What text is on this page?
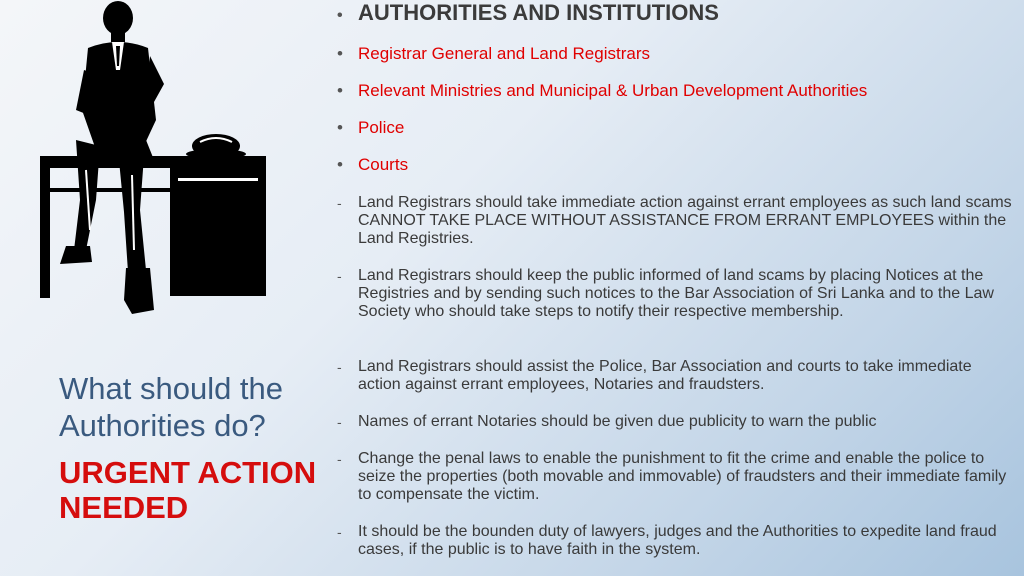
What should the Authorities do?
URGENT ACTION NEEDED
• AUTHORITIES AND INSTITUTIONS
• Registrar General and Land Registrars
• Relevant Ministries and Municipal & Urban Development Authorities
• Police
• Courts
- Land Registrars should take immediate action against errant employees as such land scams CANNOT TAKE PLACE WITHOUT ASSISTANCE FROM ERRANT EMPLOYEES within the Land Registries.
- Land Registrars should keep the public informed of land scams by placing Notices at the Registries and by sending such notices to the Bar Association of Sri Lanka and to the Law Society who should take steps to notify their respective membership.
- Land Registrars should assist the Police, Bar Association and courts to take immediate action against errant employees, Notaries and fraudsters.
- Names of errant Notaries should be given due publicity to warn the public
- Change the penal laws to enable the punishment to fit the crime and enable the police to seize the properties (both movable and immovable) of fraudsters and their immediate family to compensate the victim.
- It should be the bounden duty of lawyers, judges and the Authorities to expedite land fraud cases, if the public is to have faith in the system.
